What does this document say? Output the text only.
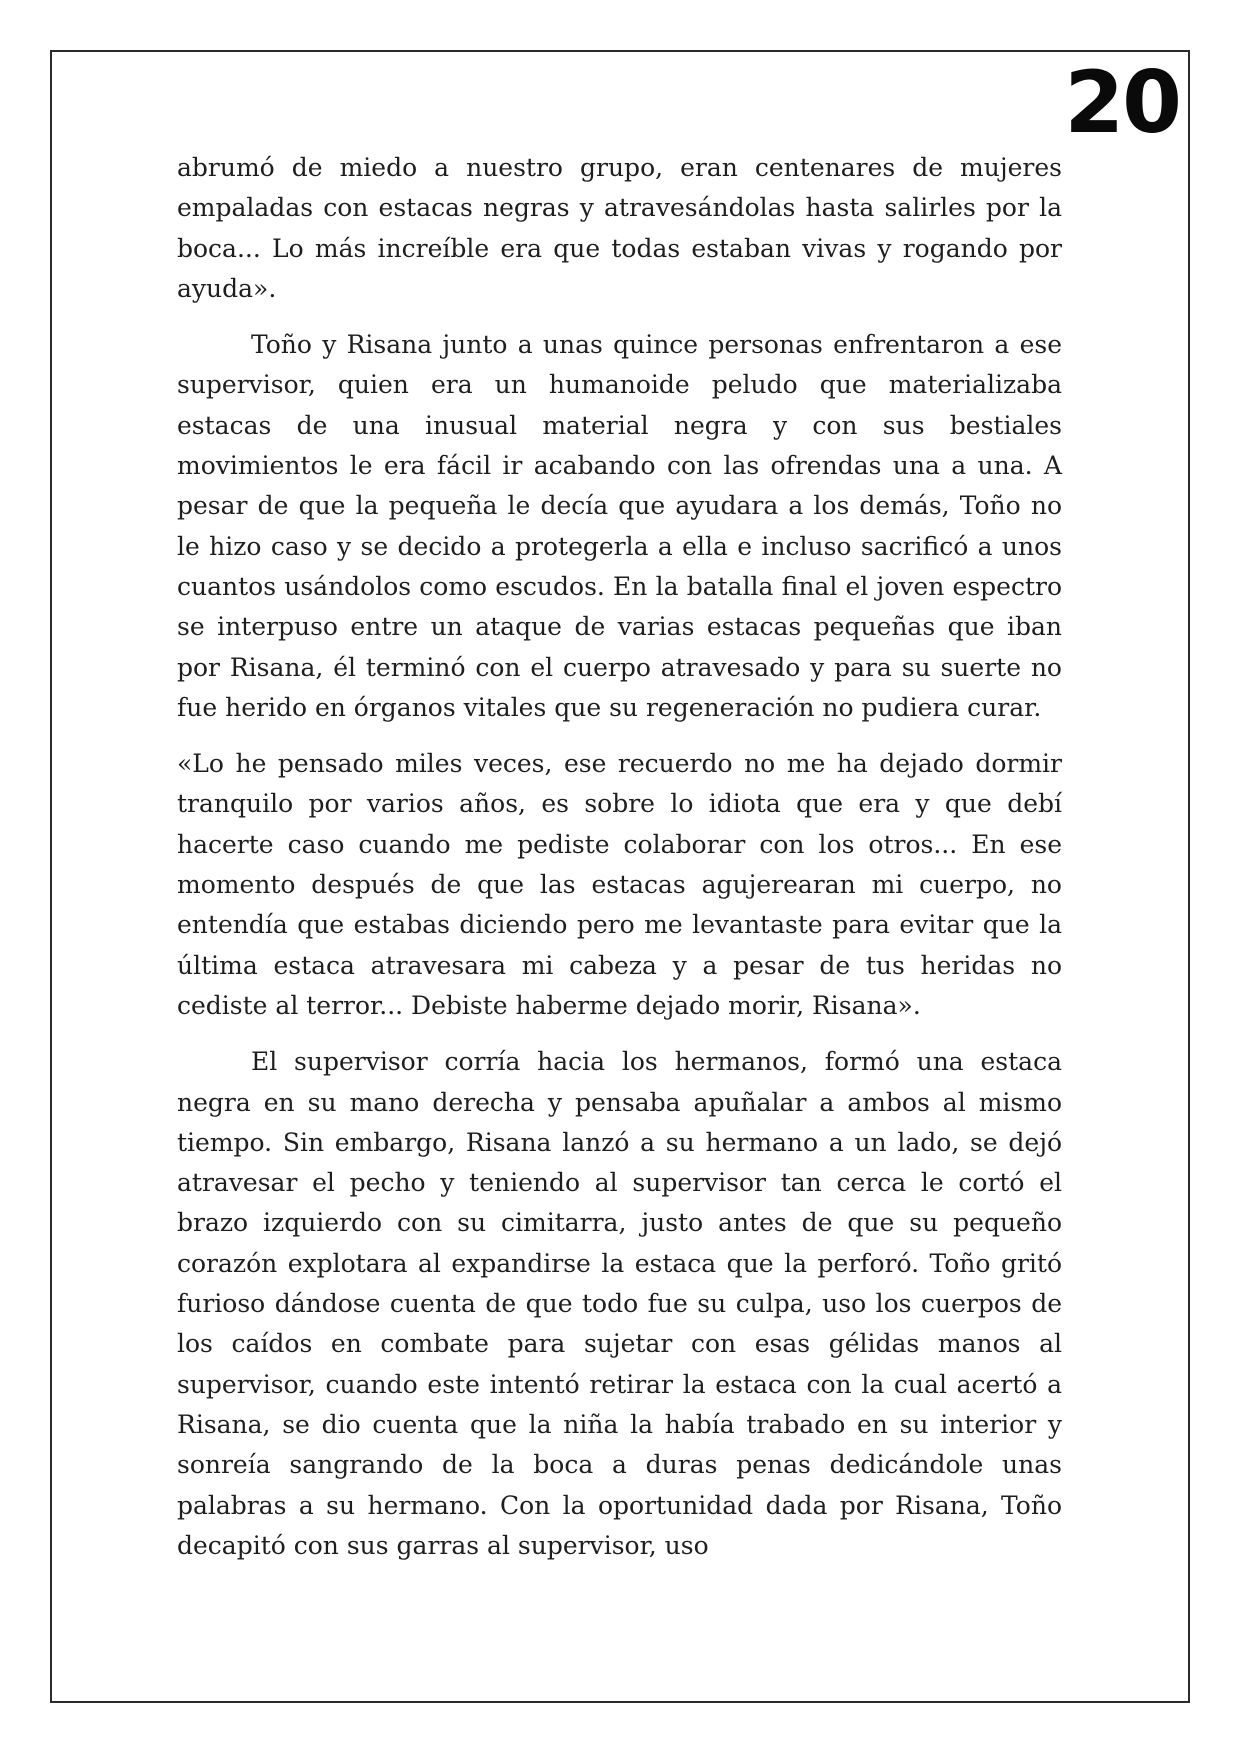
20

abrumó de miedo a nuestro grupo, eran centenares de mujeres empaladas con estacas negras y atravesándolas hasta salirles por la boca... Lo más increíble era que todas estaban vivas y rogando por ayuda».

Toño y Risana junto a unas quince personas enfrentaron a ese supervisor, quien era un humanoide peludo que materializaba estacas de una inusual material negra y con sus bestiales movimientos le era fácil ir acabando con las ofrendas una a una. A pesar de que la pequeña le decía que ayudara a los demás, Toño no le hizo caso y se decido a protegerla a ella e incluso sacrificó a unos cuantos usándolos como escudos. En la batalla final el joven espectro se interpuso entre un ataque de varias estacas pequeñas que iban por Risana, él terminó con el cuerpo atravesado y para su suerte no fue herido en órganos vitales que su regeneración no pudiera curar.

«Lo he pensado miles veces, ese recuerdo no me ha dejado dormir tranquilo por varios años, es sobre lo idiota que era y que debí hacerte caso cuando me pediste colaborar con los otros... En ese momento después de que las estacas agujerearan mi cuerpo, no entendía que estabas diciendo pero me levantaste para evitar que la última estaca atravesara mi cabeza y a pesar de tus heridas no cediste al terror... Debiste haberme dejado morir, Risana».

El supervisor corría hacia los hermanos, formó una estaca negra en su mano derecha y pensaba apuñalar a ambos al mismo tiempo. Sin embargo, Risana lanzó a su hermano a un lado, se dejó atravesar el pecho y teniendo al supervisor tan cerca le cortó el brazo izquierdo con su cimitarra, justo antes de que su pequeño corazón explotara al expandirse la estaca que la perforó. Toño gritó furioso dándose cuenta de que todo fue su culpa, uso los cuerpos de los caídos en combate para sujetar con esas gélidas manos al supervisor, cuando este intentó retirar la estaca con la cual acertó a Risana, se dio cuenta que la niña la había trabado en su interior y sonreía sangrando de la boca a duras penas dedicándole unas palabras a su hermano. Con la oportunidad dada por Risana, Toño decapitó con sus garras al supervisor, uso
